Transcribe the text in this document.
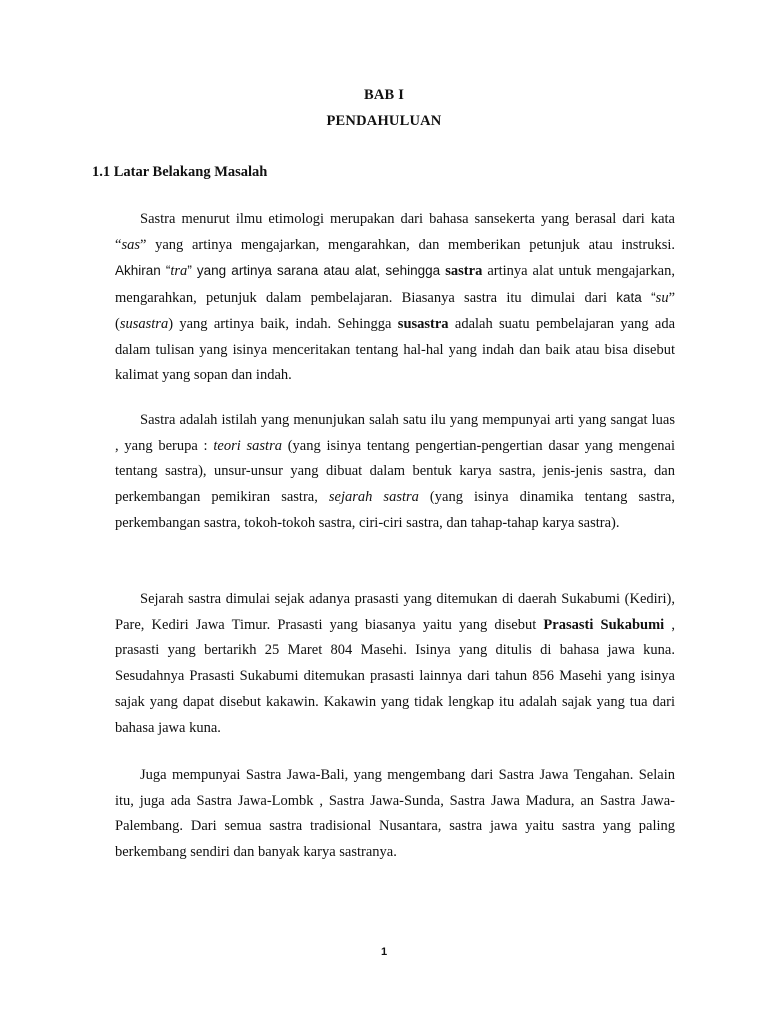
BAB I
PENDAHULUAN
1.1 Latar Belakang Masalah

Sastra menurut ilmu etimologi merupakan dari bahasa sansekerta yang berasal dari kata “sas” yang artinya mengajarkan, mengarahkan, dan memberikan petunjuk atau instruksi. Akhiran “tra” yang artinya sarana atau alat, sehingga sastra artinya alat untuk mengajarkan, mengarahkan, petunjuk dalam pembelajaran. Biasanya sastra itu dimulai dari kata “su” (susastra) yang artinya baik, indah. Sehingga susastra adalah suatu pembelajaran yang ada dalam tulisan yang isinya menceritakan tentang hal-hal yang indah dan baik atau bisa disebut kalimat yang sopan dan indah.

Sastra adalah istilah yang menunjukan salah satu ilu yang mempunyai arti yang sangat luas , yang berupa : teori sastra (yang isinya tentang pengertian-pengertian dasar yang mengenai tentang sastra), unsur-unsur yang dibuat dalam bentuk karya sastra, jenis-jenis sastra, dan perkembangan pemikiran sastra, sejarah sastra (yang isinya dinamika tentang sastra, perkembangan sastra, tokoh-tokoh sastra, ciri-ciri sastra, dan tahap-tahap karya sastra).

Sejarah sastra dimulai sejak adanya prasasti yang ditemukan di daerah Sukabumi (Kediri), Pare, Kediri Jawa Timur. Prasasti yang biasanya yaitu yang disebut Prasasti Sukabumi , prasasti yang bertarikh 25 Maret 804 Masehi. Isinya yang ditulis di bahasa jawa kuna. Sesudahnya Prasasti Sukabumi ditemukan prasasti lainnya dari tahun 856 Masehi yang isinya sajak yang dapat disebut kakawin. Kakawin yang tidak lengkap itu adalah sajak yang tua dari bahasa jawa kuna.

Juga mempunyai Sastra Jawa-Bali, yang mengembang dari Sastra Jawa Tengahan. Selain itu, juga ada Sastra Jawa-Lombk , Sastra Jawa-Sunda, Sastra Jawa Madura, an Sastra Jawa-Palembang. Dari semua sastra tradisional Nusantara, sastra jawa yaitu sastra yang paling berkembang sendiri dan banyak karya sastranya.

1
